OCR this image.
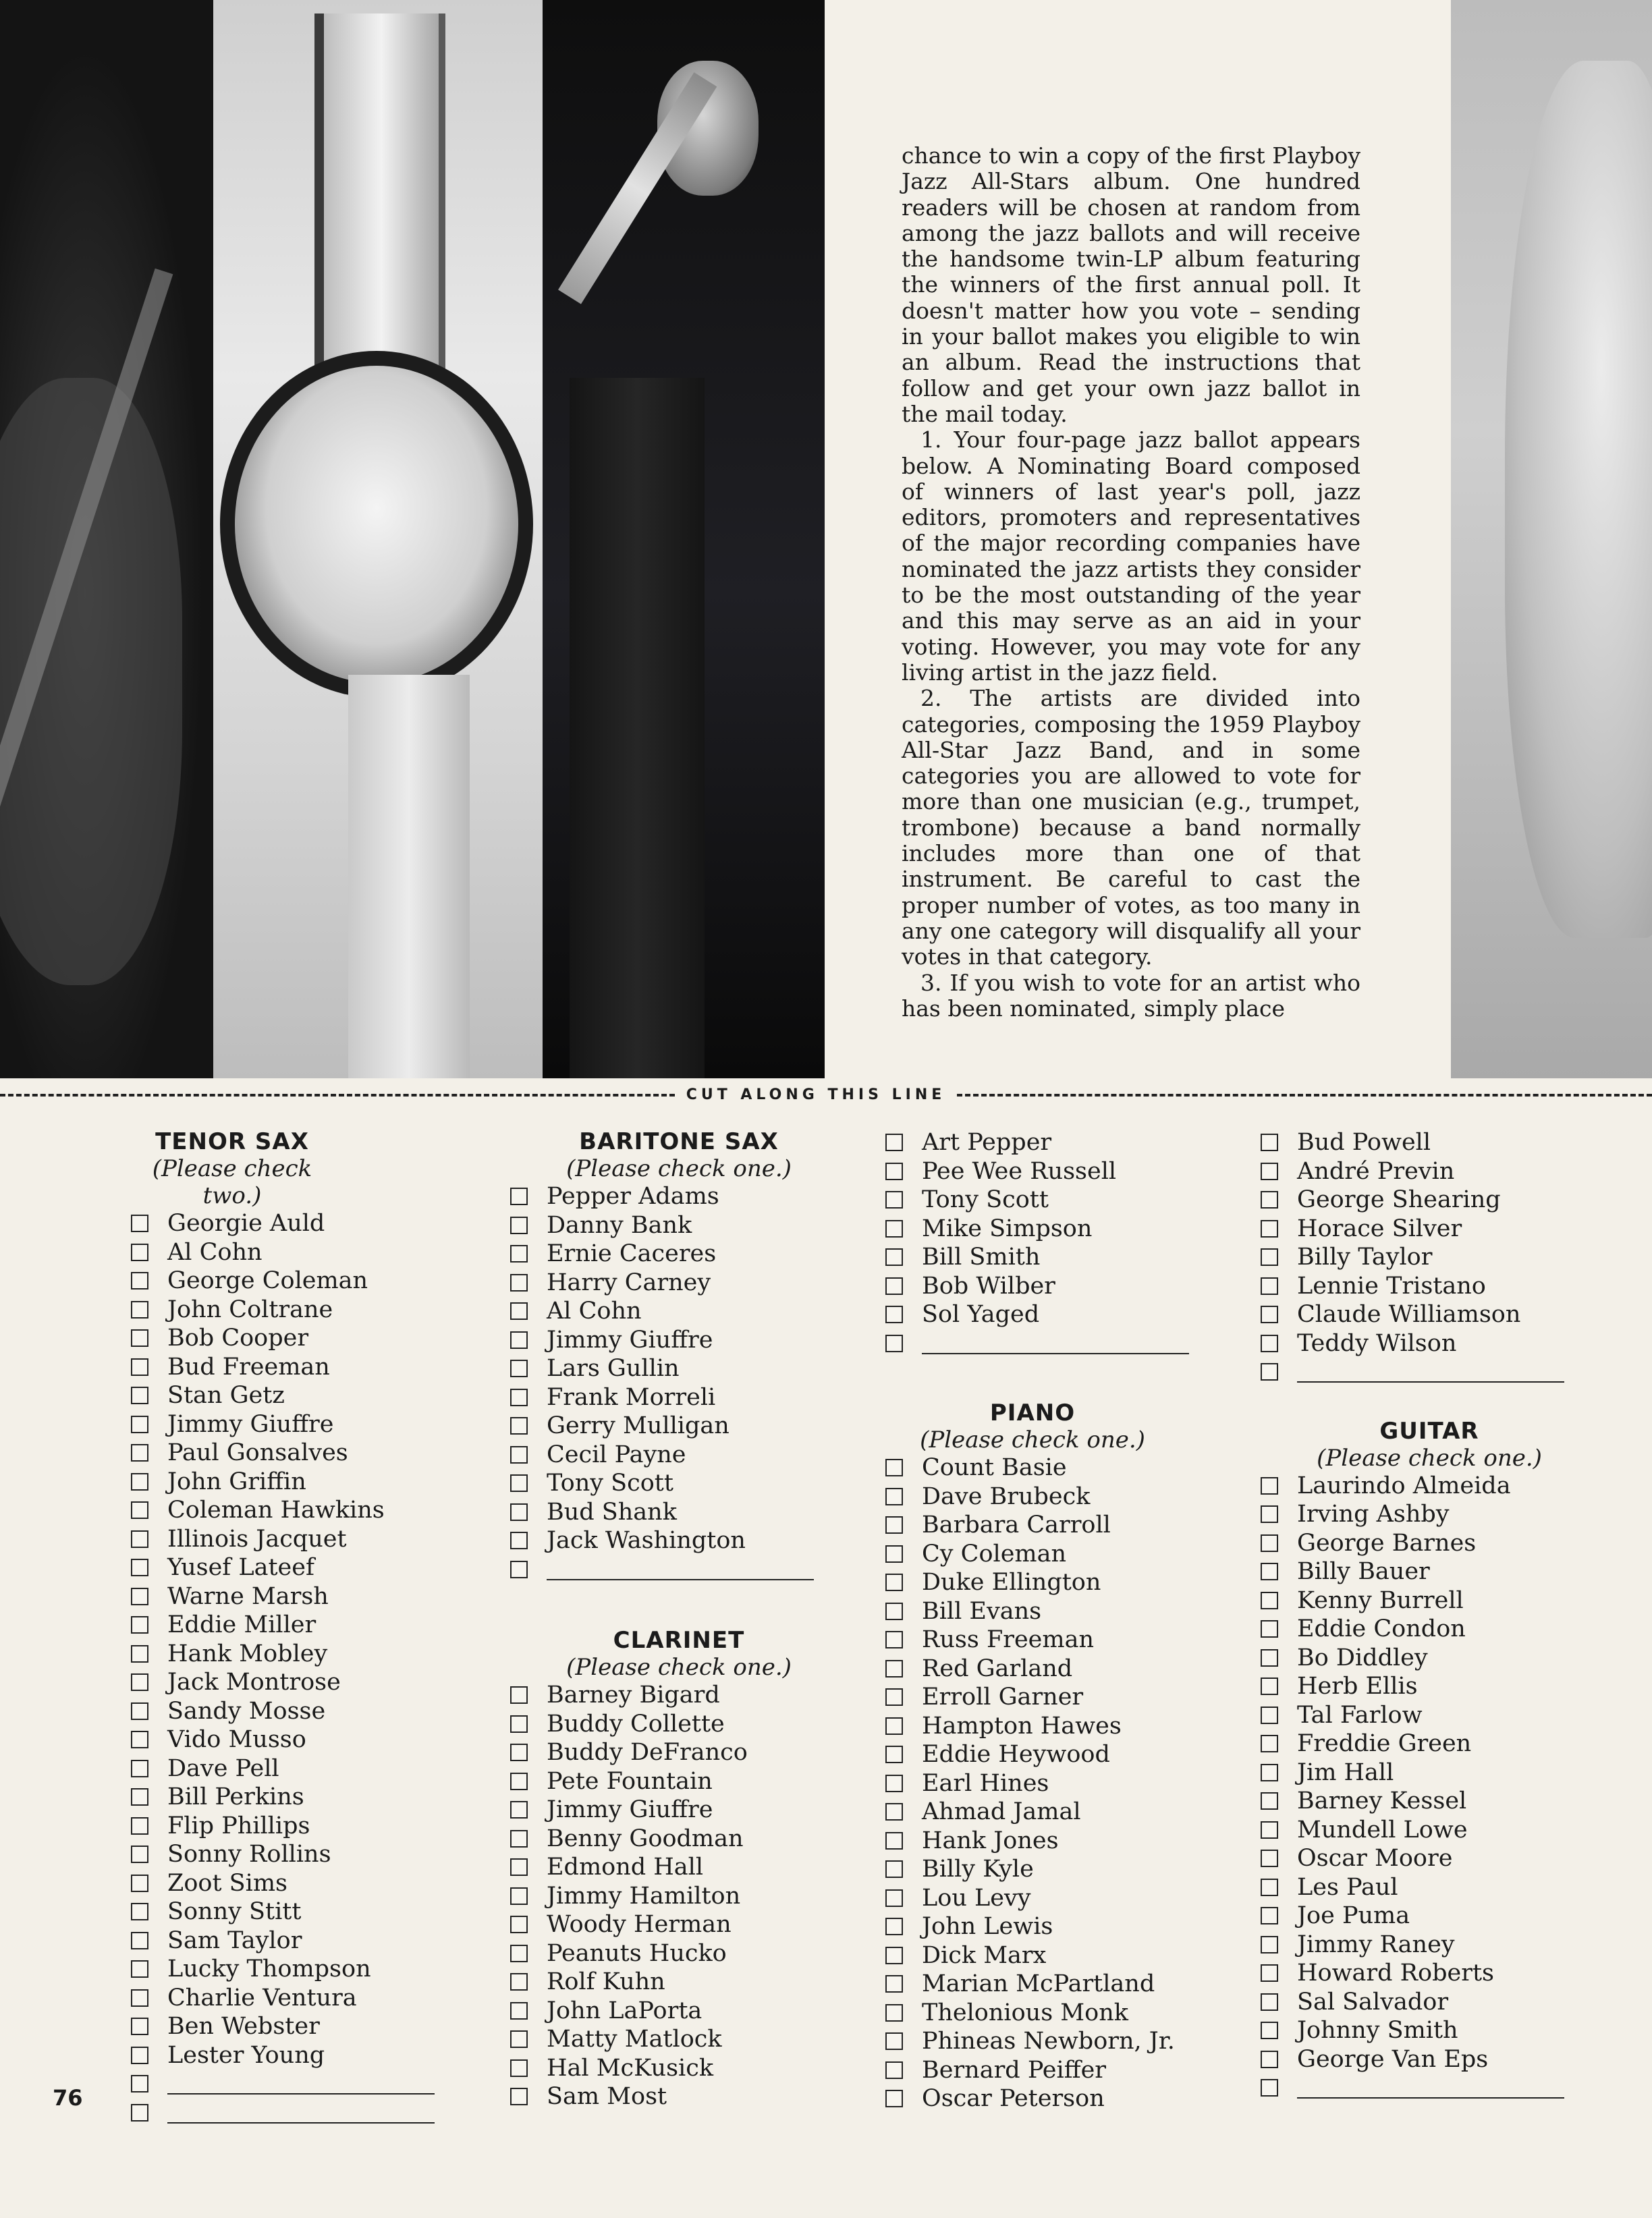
chance to win a copy of the first Playboy Jazz All-Stars album. One hundred readers will be chosen at random from among the jazz ballots and will receive the handsome twin-LP album featuring the winners of the first annual poll. It doesn't matter how you vote – sending in your ballot makes you eligible to win an album. Read the instructions that follow and get your own jazz ballot in the mail today.

1. Your four-page jazz ballot appears below. A Nominating Board composed of winners of last year's poll, jazz editors, promoters and representatives of the major recording companies have nominated the jazz artists they consider to be the most outstanding of the year and this may serve as an aid in your voting. However, you may vote for any living artist in the jazz field.

2. The artists are divided into categories, composing the 1959 Playboy All-Star Jazz Band, and in some categories you are allowed to vote for more than one musician (e.g., trumpet, trombone) because a band normally includes more than one of that instrument. Be careful to cast the proper number of votes, as too many in any one category will disqualify all your votes in that category.

3. If you wish to vote for an artist who has been nominated, simply place

CUT ALONG THIS LINE
TENOR SAX
(Please check two.)
Georgie Auld
Al Cohn
George Coleman
John Coltrane
Bob Cooper
Bud Freeman
Stan Getz
Jimmy Giuffre
Paul Gonsalves
John Griffin
Coleman Hawkins
Illinois Jacquet
Yusef Lateef
Warne Marsh
Eddie Miller
Hank Mobley
Jack Montrose
Sandy Mosse
Vido Musso
Dave Pell
Bill Perkins
Flip Phillips
Sonny Rollins
Zoot Sims
Sonny Stitt
Sam Taylor
Lucky Thompson
Charlie Ventura
Ben Webster
Lester Young
BARITONE SAX
(Please check one.)
Pepper Adams
Danny Bank
Ernie Caceres
Harry Carney
Al Cohn
Jimmy Giuffre
Lars Gullin
Frank Morreli
Gerry Mulligan
Cecil Payne
Tony Scott
Bud Shank
Jack Washington
CLARINET
(Please check one.)
Barney Bigard
Buddy Collette
Buddy DeFranco
Pete Fountain
Jimmy Giuffre
Benny Goodman
Edmond Hall
Jimmy Hamilton
Woody Herman
Peanuts Hucko
Rolf Kuhn
John LaPorta
Matty Matlock
Hal McKusick
Sam Most
Art Pepper
Pee Wee Russell
Tony Scott
Mike Simpson
Bill Smith
Bob Wilber
Sol Yaged
PIANO
(Please check one.)
Count Basie
Dave Brubeck
Barbara Carroll
Cy Coleman
Duke Ellington
Bill Evans
Russ Freeman
Red Garland
Erroll Garner
Hampton Hawes
Eddie Heywood
Earl Hines
Ahmad Jamal
Hank Jones
Billy Kyle
Lou Levy
John Lewis
Dick Marx
Marian McPartland
Thelonious Monk
Phineas Newborn, Jr.
Bernard Peiffer
Oscar Peterson
Bud Powell
André Previn
George Shearing
Horace Silver
Billy Taylor
Lennie Tristano
Claude Williamson
Teddy Wilson
GUITAR
(Please check one.)
Laurindo Almeida
Irving Ashby
George Barnes
Billy Bauer
Kenny Burrell
Eddie Condon
Bo Diddley
Herb Ellis
Tal Farlow
Freddie Green
Jim Hall
Barney Kessel
Mundell Lowe
Oscar Moore
Les Paul
Joe Puma
Jimmy Raney
Howard Roberts
Sal Salvador
Johnny Smith
George Van Eps
76
